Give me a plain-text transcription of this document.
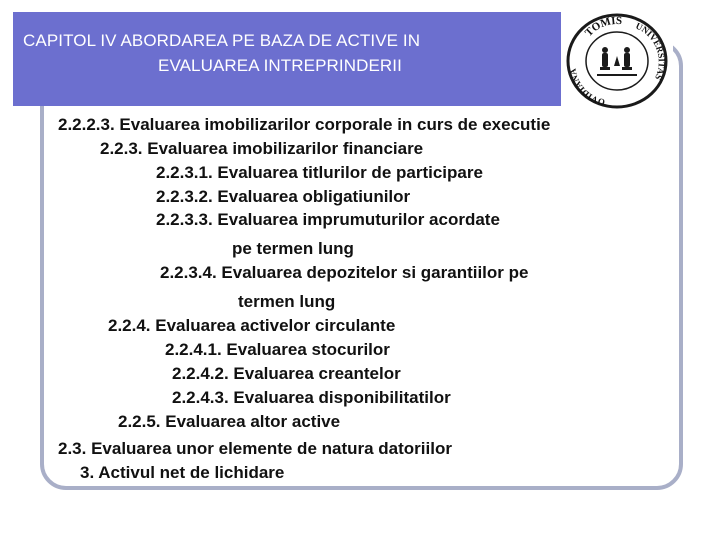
CAPITOL IV ABORDAREA PE BAZA DE ACTIVE IN
EVALUAREA INTREPRINDERII
TOMIS UNIVERSITAS
OVIDIANA
2.2.2.3. Evaluarea imobilizarilor corporale in curs de executie
2.2.3. Evaluarea imobilizarilor financiare
2.2.3.1. Evaluarea titlurilor de participare
2.2.3.2. Evaluarea obligatiunilor
2.2.3.3. Evaluarea imprumuturilor acordate
pe termen lung
2.2.3.4. Evaluarea depozitelor si garantiilor pe
termen lung
2.2.4. Evaluarea activelor circulante
2.2.4.1. Evaluarea stocurilor
2.2.4.2. Evaluarea creantelor
2.2.4.3. Evaluarea disponibilitatilor
2.2.5. Evaluarea altor active
2.3. Evaluarea unor elemente de natura datoriilor
3. Activul net de lichidare
